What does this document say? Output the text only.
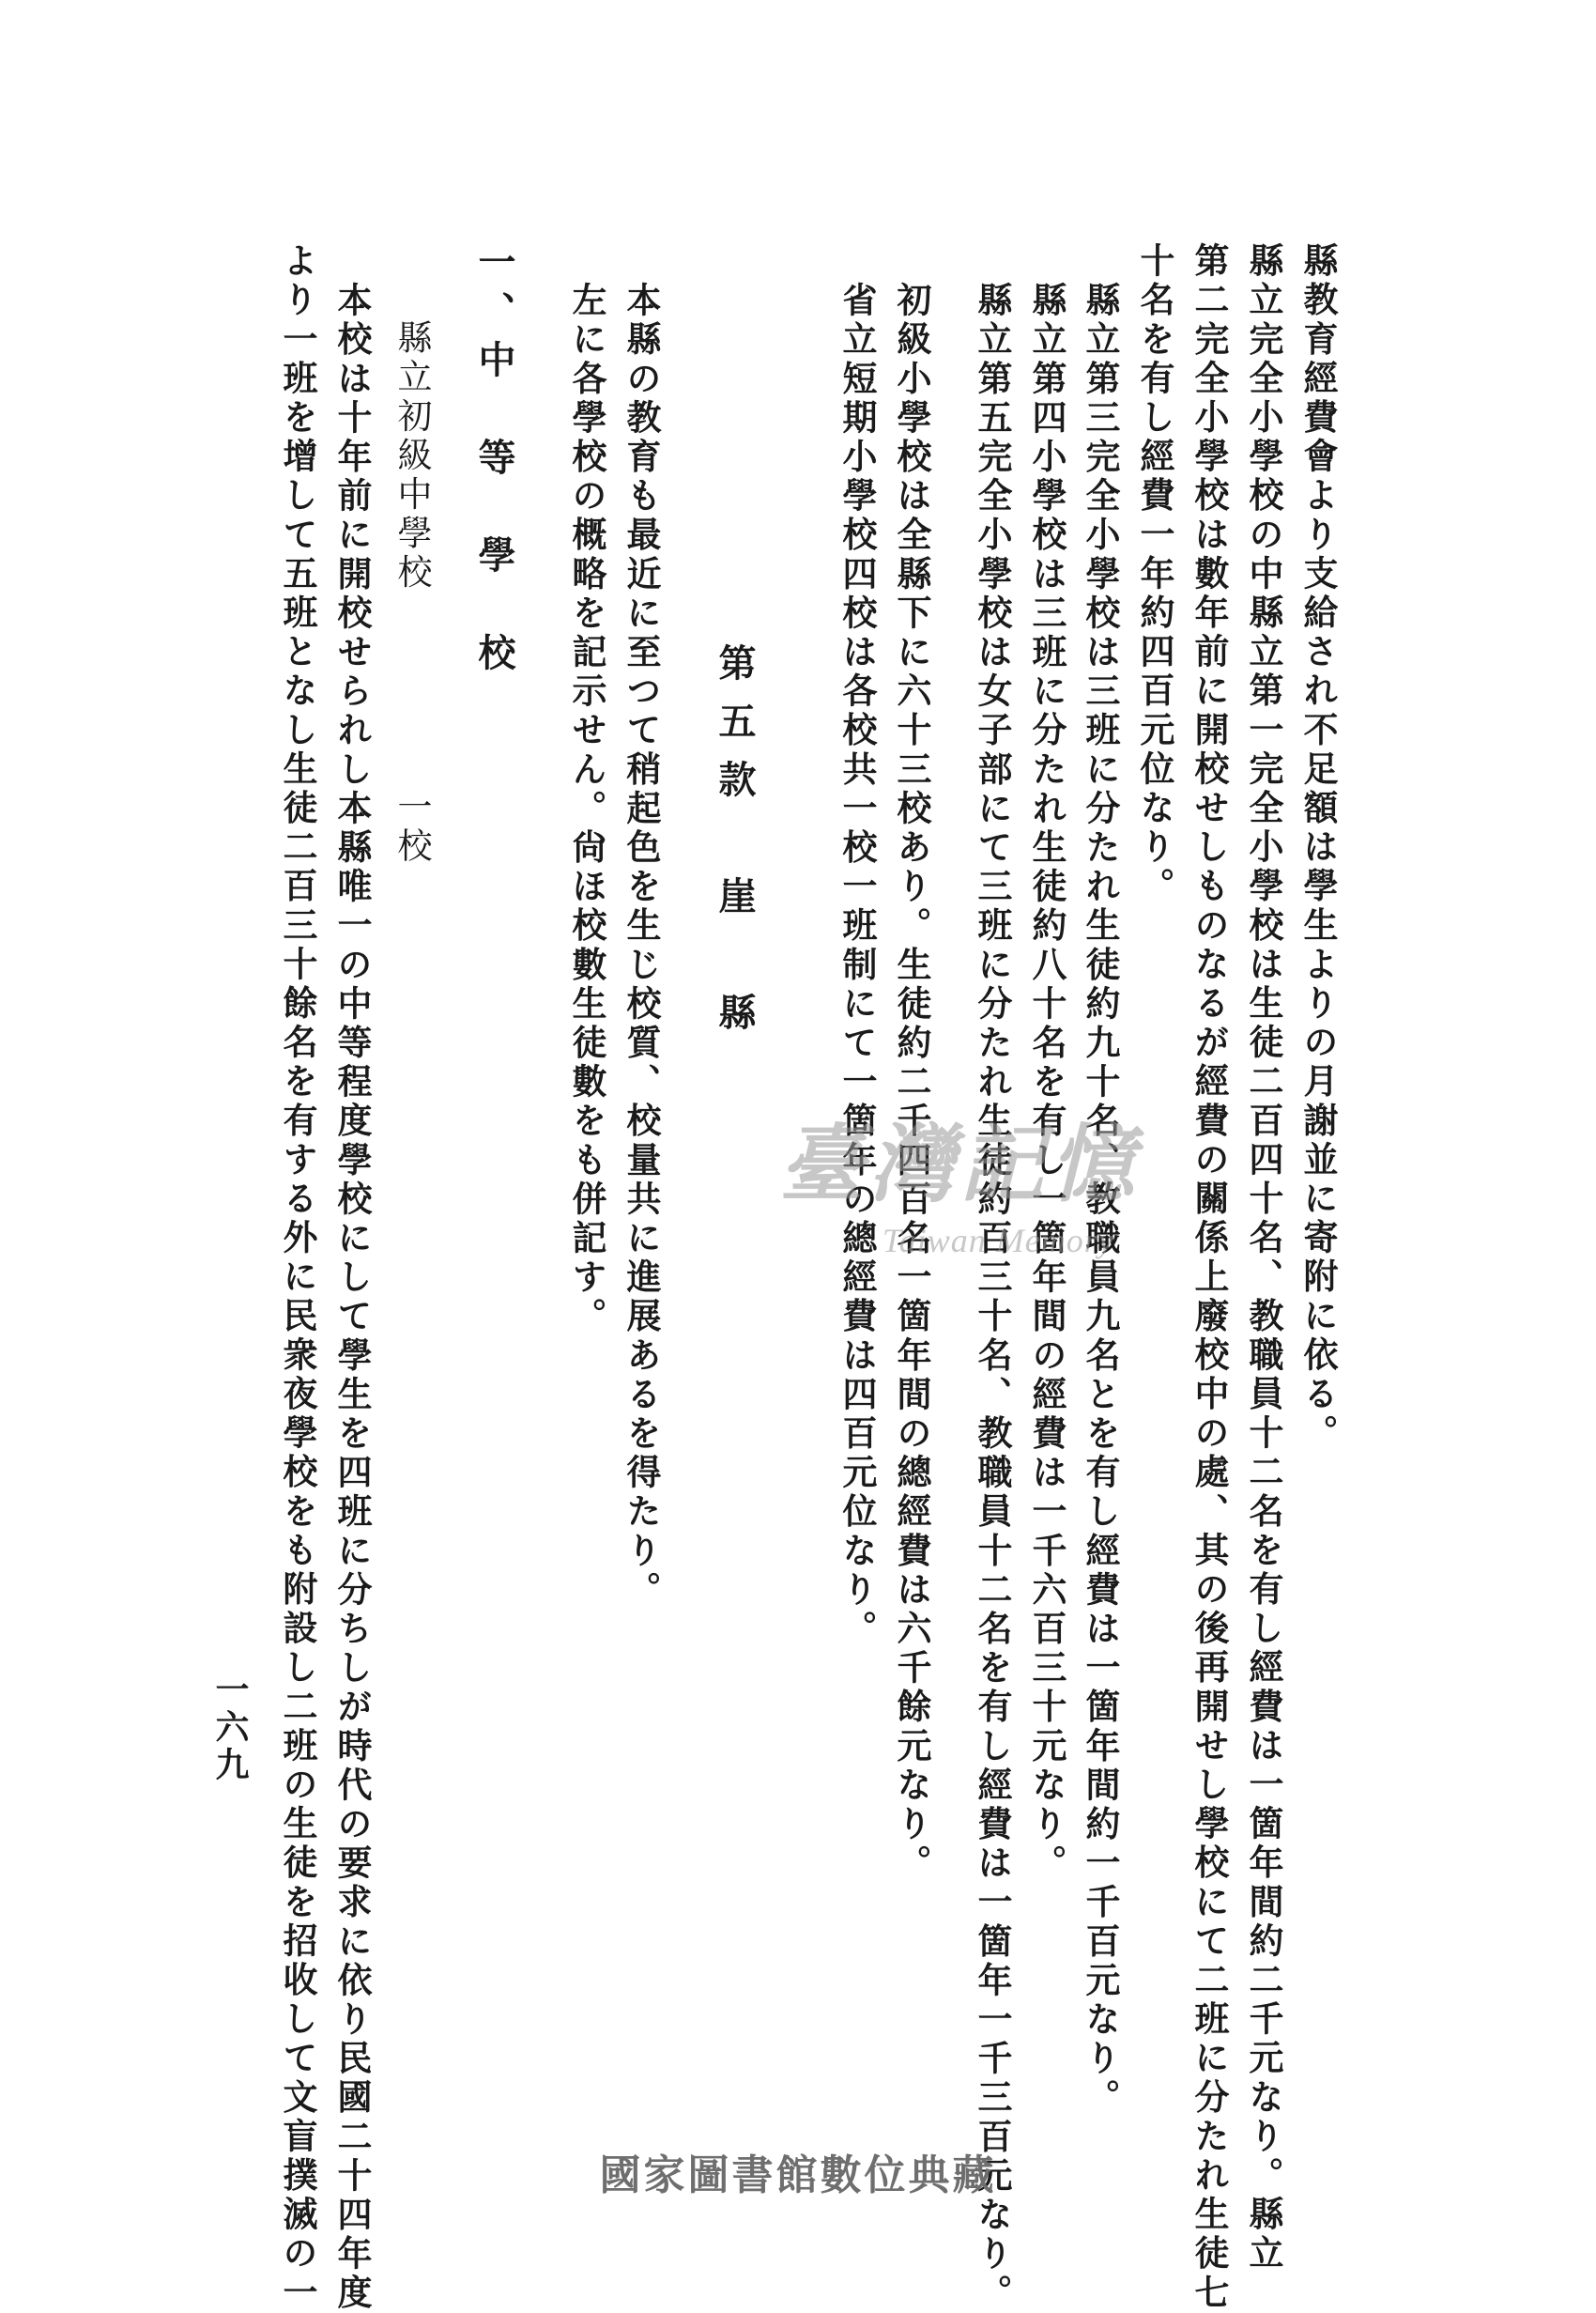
縣教育經費會より支給され不足額は學生よりの月謝並に寄附に依る。
縣立完全小學校の中縣立第一完全小學校は生徒二百四十名、教職員十二名を有し經費は一箇年間約二千元なり。縣立
第二完全小學校は數年前に開校せしものなるが經費の關係上廢校中の處、其の後再開せし學校にて二班に分たれ生徒七
十名を有し經費一年約四百元位なり。
縣立第三完全小學校は三班に分たれ生徒約九十名、教職員九名とを有し經費は一箇年間約一千百元なり。
縣立第四小學校は三班に分たれ生徒約八十名を有し一箇年間の經費は一千六百三十元なり。
縣立第五完全小學校は女子部にて三班に分たれ生徒約百三十名、教職員十二名を有し經費は一箇年一千三百元なり。
初級小學校は全縣下に六十三校あり。生徒約二千四百名一箇年間の總經費は六千餘元なり。
省立短期小學校四校は各校共一校一班制にて一箇年の總經費は四百元位なり。
第五款　崖　縣
本縣の教育も最近に至つて稍起色を生じ校質、校量共に進展あるを得たり。
左に各學校の概略を記示せん。尙ほ校數生徒數をも併記す。
一、中　等　學　校
縣立初級中學校　　　　　一校
本校は十年前に開校せられし本縣唯一の中等程度學校にして學生を四班に分ちしが時代の要求に依り民國二十四年度
より一班を增して五班となし生徒二百三十餘名を有する外に民衆夜學校をも附設し二班の生徒を招收して文盲撲滅の一
一六九
臺灣記憶
Taiwan Memory
國家圖書館數位典藏
